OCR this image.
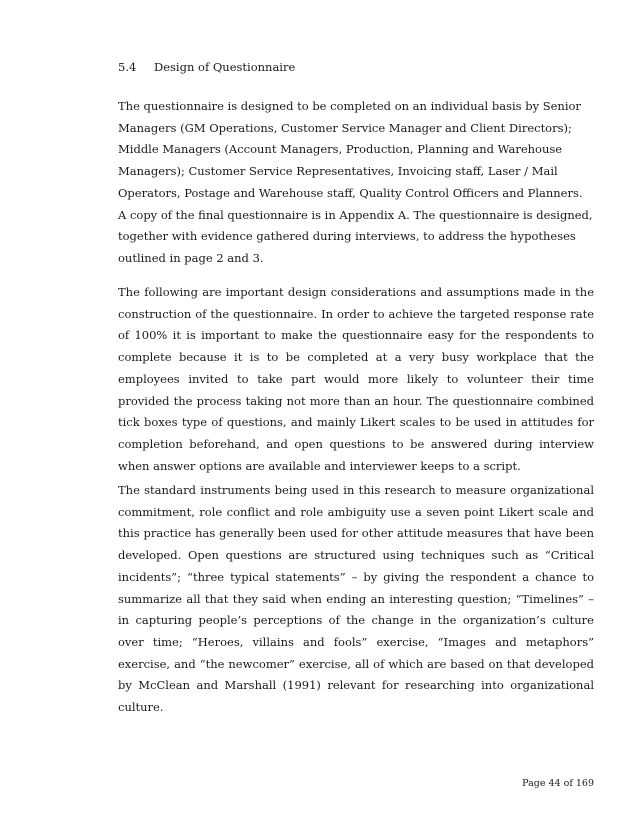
5.4 Design of Questionnaire

The questionnaire is designed to be completed on an individual basis by Senior Managers (GM Operations, Customer Service Manager and Client Directors); Middle Managers (Account Managers, Production, Planning and Warehouse Managers); Customer Service Representatives, Invoicing staff, Laser / Mail Operators, Postage and Warehouse staff, Quality Control Officers and Planners. A copy of the final questionnaire is in Appendix A. The questionnaire is designed, together with evidence gathered during interviews, to address the hypotheses outlined in page 2 and 3.

The following are important design considerations and assumptions made in the construction of the questionnaire. In order to achieve the targeted response rate of 100% it is important to make the questionnaire easy for the respondents to complete because it is to be completed at a very busy workplace that the employees invited to take part would more likely to volunteer their time provided the process taking not more than an hour. The questionnaire combined tick boxes type of questions, and mainly Likert scales to be used in attitudes for completion beforehand, and open questions to be answered during interview when answer options are available and interviewer keeps to a script.

The standard instruments being used in this research to measure organizational commitment, role conflict and role ambiguity use a seven point Likert scale and this practice has generally been used for other attitude measures that have been developed. Open questions are structured using techniques such as “Critical incidents”; “three typical statements” – by giving the respondent a chance to summarize all that they said when ending an interesting question; “Timelines” – in capturing people’s perceptions of the change in the organization’s culture over time; “Heroes, villains and fools” exercise, “Images and metaphors” exercise, and “the newcomer” exercise, all of which are based on that developed by McClean and Marshall (1991) relevant for researching into organizational culture.

Page 44 of 169
